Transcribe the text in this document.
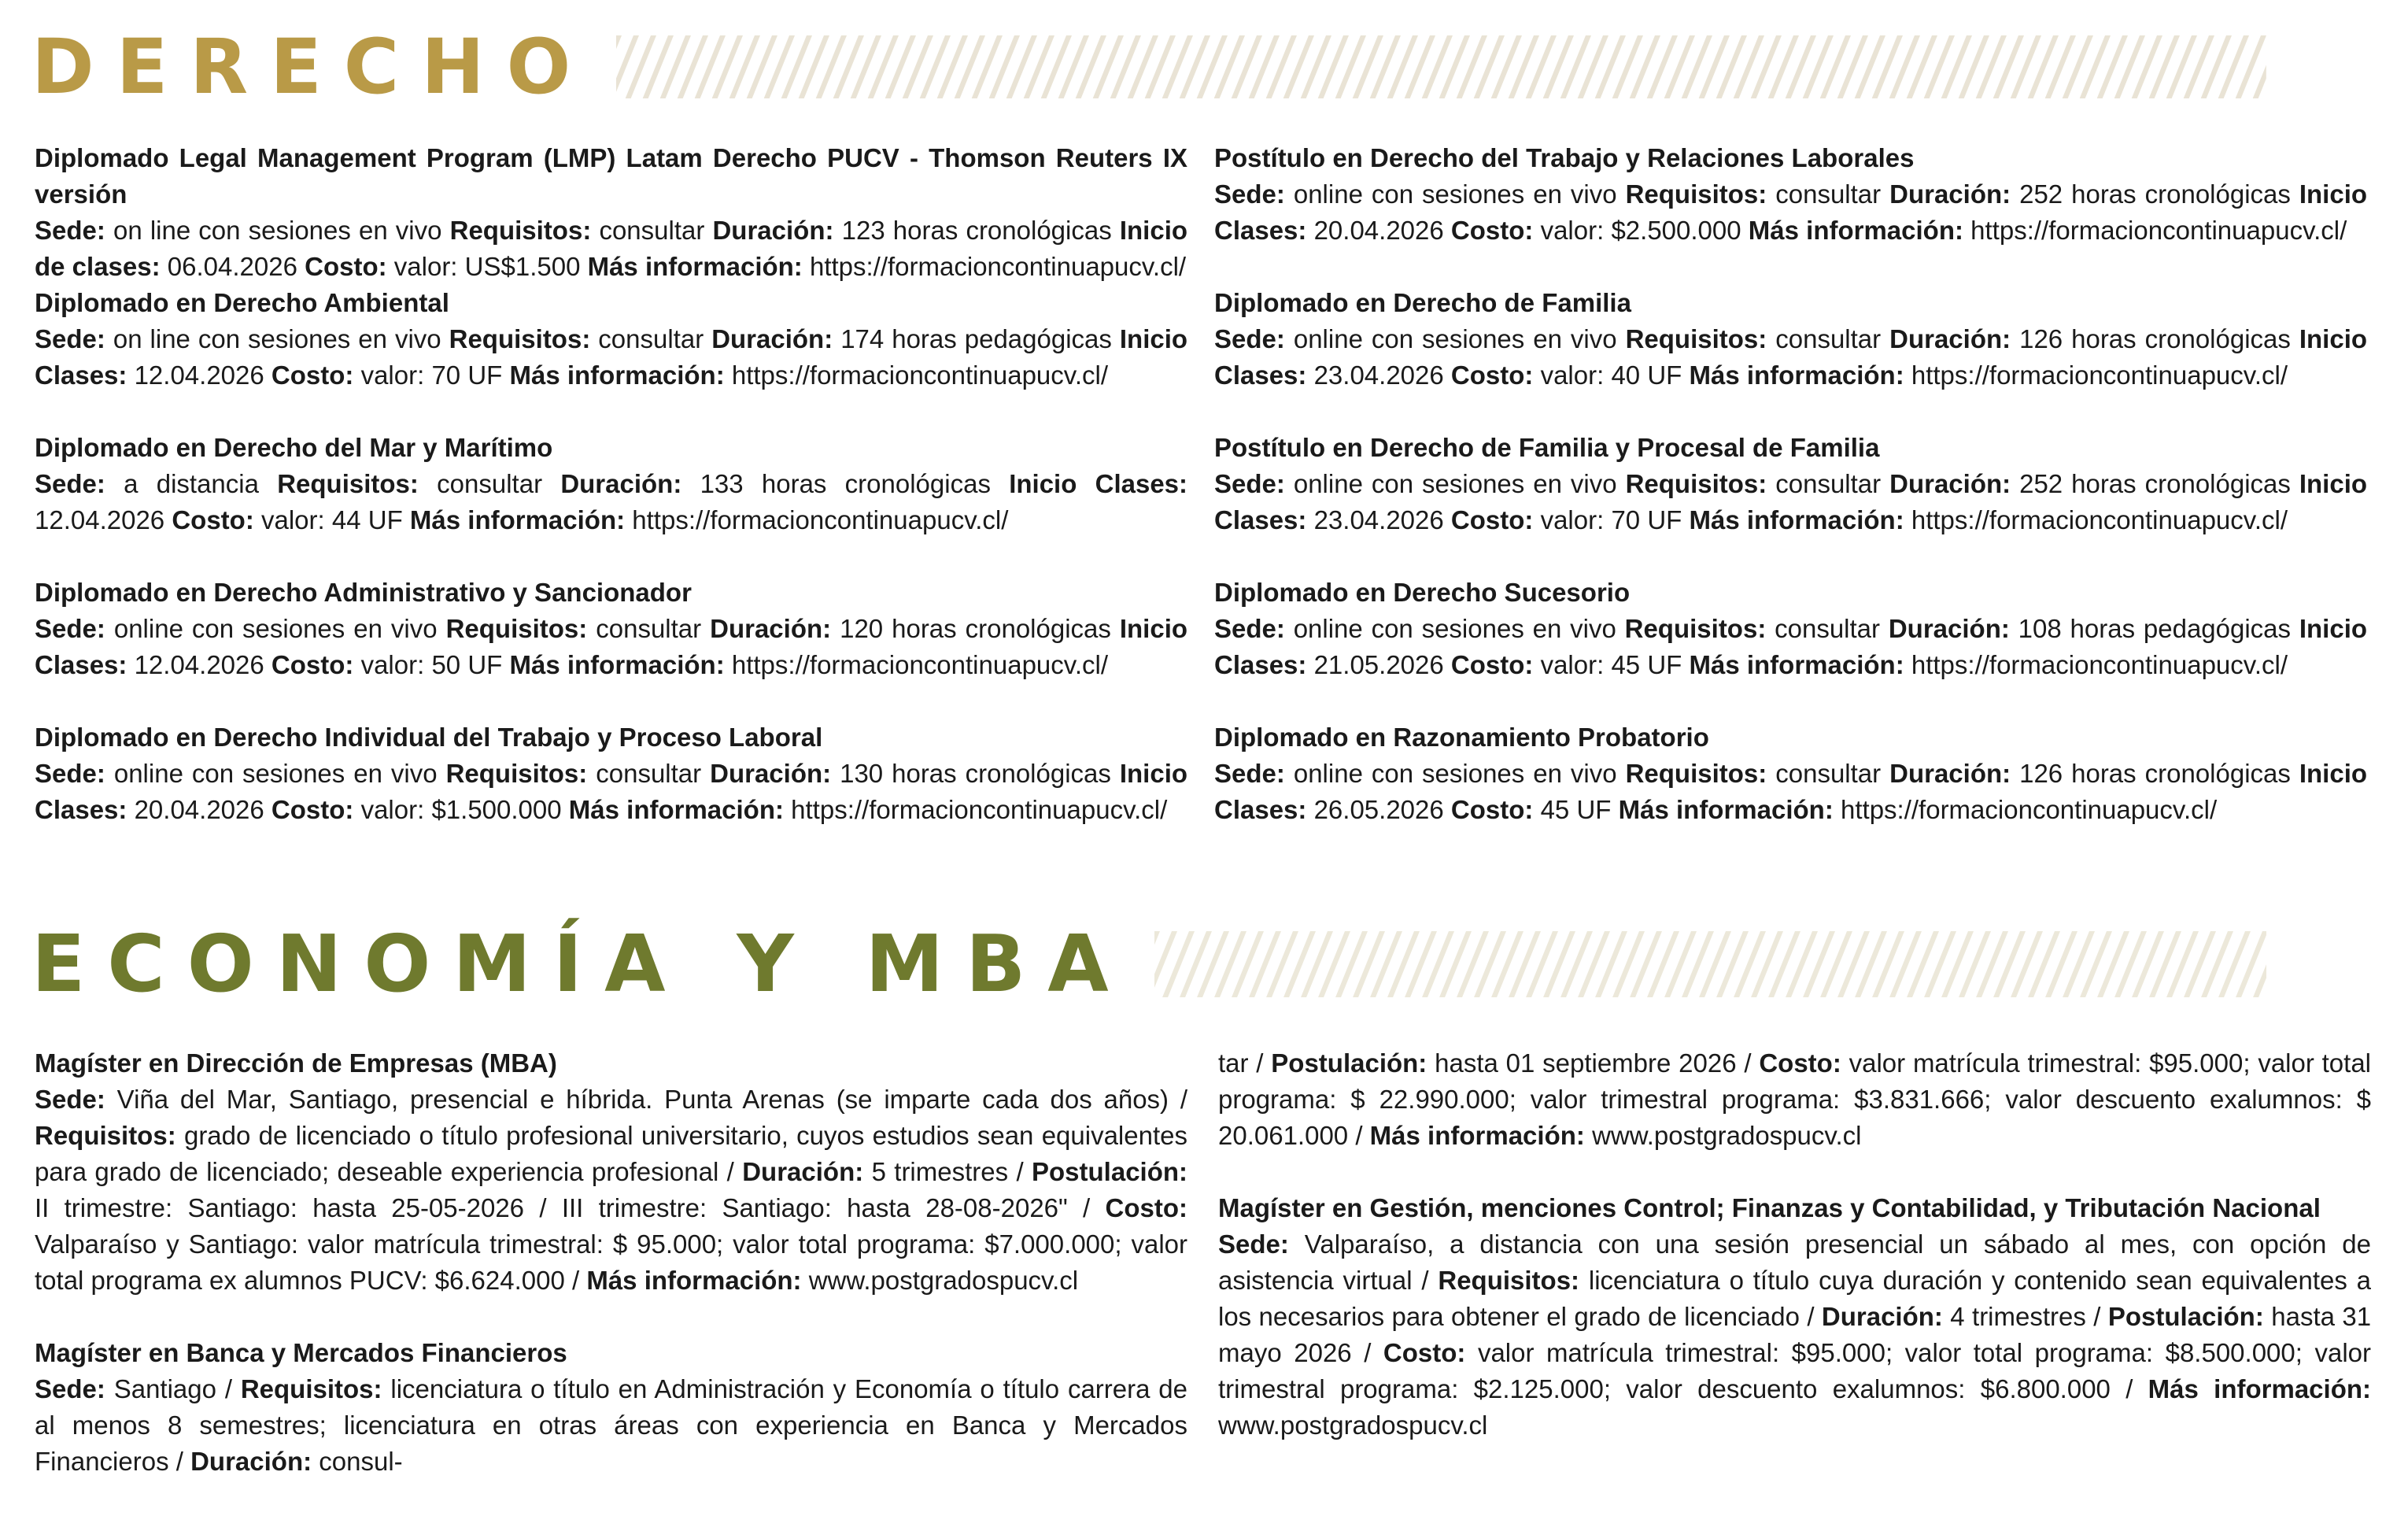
DERECHO
Diplomado Legal Management Program (LMP) Latam Derecho PUCV - Thomson Reuters IX versión

Sede: on line con sesiones en vivo Requisitos: consultar Duración: 123 horas cronológicas Inicio de clases: 06.04.2026 Costo: valor: US$1.500 Más información: https://formacioncontinuapucv.cl/

Diplomado en Derecho Ambiental

Sede: on line con sesiones en vivo Requisitos: consultar Duración: 174 horas pedagógicas Inicio Clases: 12.04.2026 Costo: valor: 70 UF Más información: https://formacioncontinuapucv.cl/

Diplomado en Derecho del Mar y Marítimo

Sede: a distancia Requisitos: consultar Duración: 133 horas cronológicas Inicio Clases: 12.04.2026 Costo: valor: 44 UF Más información: https://formacioncontinuapucv.cl/

Diplomado en Derecho Administrativo y Sancionador

Sede: online con sesiones en vivo Requisitos: consultar Duración: 120 horas cronológicas Inicio Clases: 12.04.2026 Costo: valor: 50 UF Más información: https://formacioncontinuapucv.cl/

Diplomado en Derecho Individual del Trabajo y Proceso Laboral

Sede: online con sesiones en vivo Requisitos: consultar Duración: 130 horas cronológicas Inicio Clases: 20.04.2026 Costo: valor: $1.500.000 Más información: https://formacioncontinuapucv.cl/

Postítulo en Derecho del Trabajo y Relaciones Laborales

Sede: online con sesiones en vivo Requisitos: consultar Duración: 252 horas cronológicas Inicio Clases: 20.04.2026 Costo: valor: $2.500.000 Más información: https://formacioncontinuapucv.cl/

Diplomado en Derecho de Familia

Sede: online con sesiones en vivo Requisitos: consultar Duración: 126 horas cronológicas Inicio Clases: 23.04.2026 Costo: valor: 40 UF Más información: https://formacioncontinuapucv.cl/

Postítulo en Derecho de Familia y Procesal de Familia

Sede: online con sesiones en vivo Requisitos: consultar Duración: 252 horas cronológicas Inicio Clases: 23.04.2026 Costo: valor: 70 UF Más información: https://formacioncontinuapucv.cl/

Diplomado en Derecho Sucesorio

Sede: online con sesiones en vivo Requisitos: consultar Duración: 108 horas pedagógicas Inicio Clases: 21.05.2026 Costo: valor: 45 UF Más información: https://formacioncontinuapucv.cl/

Diplomado en Razonamiento Probatorio

Sede: online con sesiones en vivo Requisitos: consultar Duración: 126 horas cronológicas Inicio Clases: 26.05.2026 Costo: 45 UF Más información: https://formacioncontinuapucv.cl/

ECONOMÍA Y MBA
Magíster en Dirección de Empresas (MBA)

Sede: Viña del Mar, Santiago, presencial e híbrida. Punta Arenas (se imparte cada dos años) / Requisitos: grado de licenciado o título profesional universitario, cuyos estudios sean equivalentes para grado de licenciado; deseable experiencia profesional / Duración: 5 trimestres / Postulación: II trimestre: Santiago: hasta 25-05-2026 / III trimestre: Santiago: hasta 28-08-2026" / Costo: Valparaíso y Santiago: valor matrícula trimestral: $ 95.000; valor total programa: $7.000.000; valor total programa ex alumnos PUCV: $6.624.000 / Más información: www.postgradospucv.cl

Magíster en Banca y Mercados Financieros

Sede: Santiago / Requisitos: licenciatura o título en Administración y Economía o título carrera de al menos 8 semestres; licenciatura en otras áreas con experiencia en Banca y Mercados Financieros / Duración: consul-

tar / Postulación: hasta 01 septiembre 2026 / Costo: valor matrícula trimestral: $95.000; valor total programa: $ 22.990.000; valor trimestral programa: $3.831.666; valor descuento exalumnos: $ 20.061.000 / Más información: www.postgradospucv.cl

Magíster en Gestión, menciones Control; Finanzas y Contabilidad, y Tributación Nacional

Sede: Valparaíso, a distancia con una sesión presencial un sábado al mes, con opción de asistencia virtual / Requisitos: licenciatura o título cuya duración y contenido sean equivalentes a los necesarios para obtener el grado de licenciado / Duración: 4 trimestres / Postulación: hasta 31 mayo 2026 / Costo: valor matrícula trimestral: $95.000; valor total programa: $8.500.000; valor trimestral programa: $2.125.000; valor descuento exalumnos: $6.800.000 / Más información: www.postgradospucv.cl
